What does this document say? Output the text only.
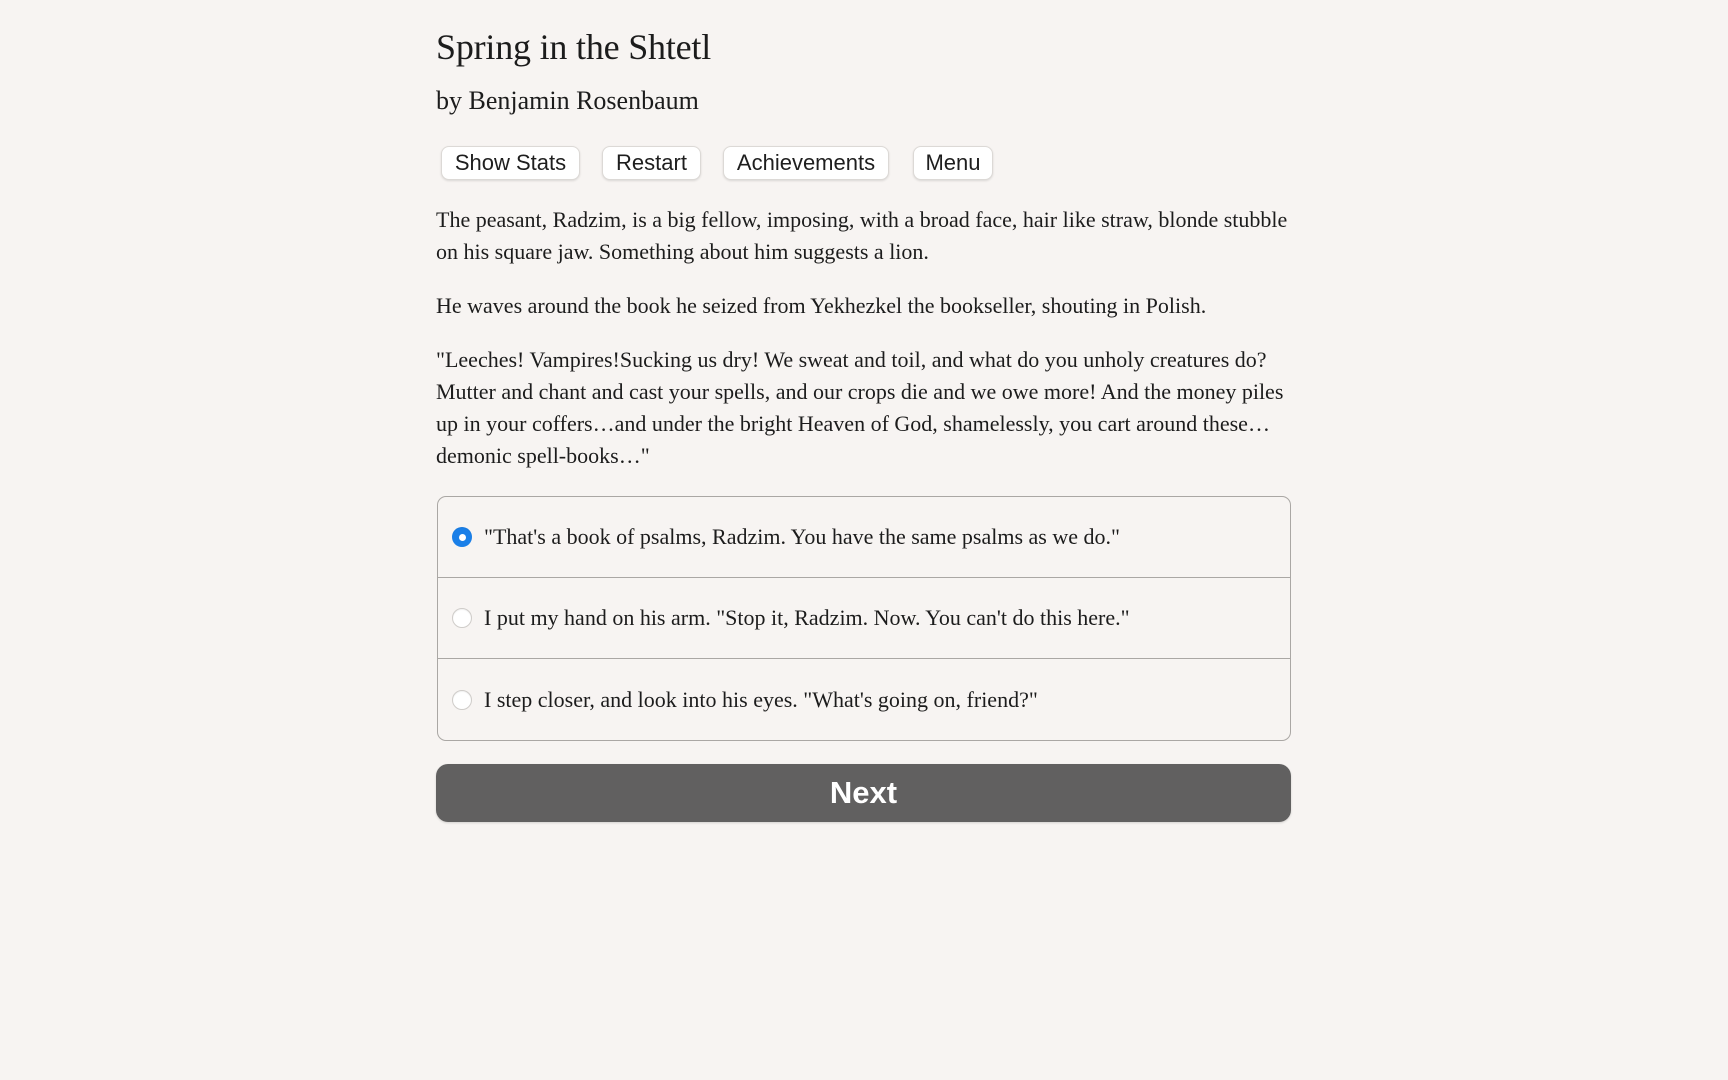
Spring in the Shtetl
by Benjamin Rosenbaum
Show Stats	Restart	Achievements	Menu

The peasant, Radzim, is a big fellow, imposing, with a broad face, hair like straw, blonde stubble on his square jaw. Something about him suggests a lion.

He waves around the book he seized from Yekhezkel the bookseller, shouting in Polish.

"Leeches! Vampires!Sucking us dry! We sweat and toil, and what do you unholy creatures do? Mutter and chant and cast your spells, and our crops die and we owe more! And the money piles up in your coffers…and under the bright Heaven of God, shamelessly, you cart around these…demonic spell-books…"

"That's a book of psalms, Radzim. You have the same psalms as we do."
I put my hand on his arm. "Stop it, Radzim. Now. You can't do this here."
I step closer, and look into his eyes. "What's going on, friend?"
Next
